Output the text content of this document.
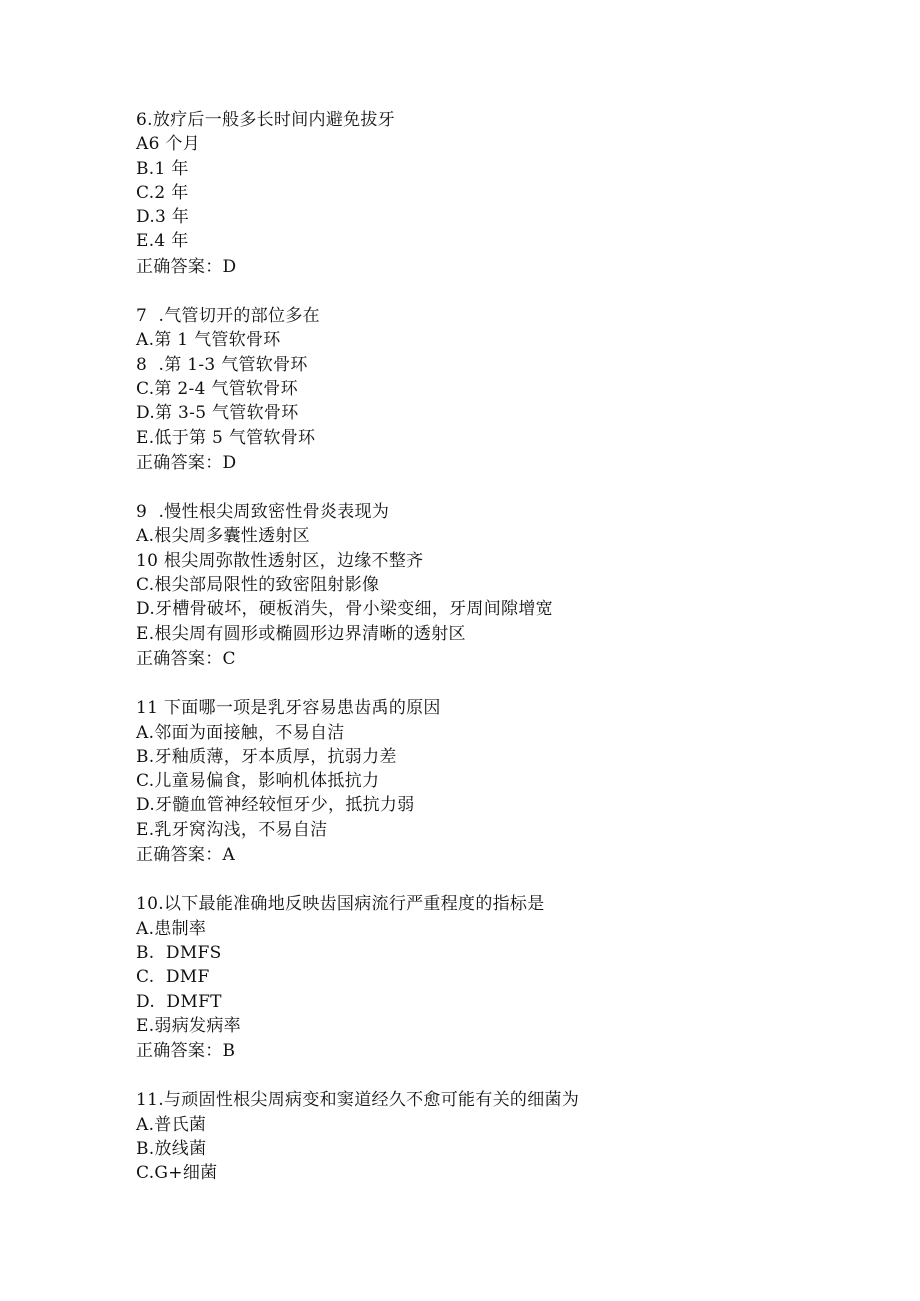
6.放疗后一般多长时间内避免拔牙
A6 个月
B.1 年
C.2 年
D.3 年
E.4 年
正确答案：D
7  .气管切开的部位多在
A.第 1 气管软骨环
8  .第 1-3 气管软骨环
C.第 2-4 气管软骨环
D.第 3-5 气管软骨环
E.低于第 5 气管软骨环
正确答案：D
9  .慢性根尖周致密性骨炎表现为
A.根尖周多囊性透射区
10 根尖周弥散性透射区，边缘不整齐
C.根尖部局限性的致密阻射影像
D.牙槽骨破坏，硬板消失，骨小梁变细，牙周间隙增宽
E.根尖周有圆形或椭圆形边界清晰的透射区
正确答案：C
11 下面哪一项是乳牙容易患齿禹的原因
A.邻面为面接触，不易自洁
B.牙釉质薄，牙本质厚，抗弱力差
C.儿童易偏食，影响机体抵抗力
D.牙髓血管神经较恒牙少，抵抗力弱
E.乳牙窝沟浅，不易自洁
正确答案：A
10.以下最能准确地反映齿国病流行严重程度的指标是
A.患制率
B.  DMFS
C.  DMF
D.  DMFT
E.弱病发病率
正确答案：B
11.与顽固性根尖周病变和窦道经久不愈可能有关的细菌为
A.普氏菌
B.放线菌
C.G+细菌
